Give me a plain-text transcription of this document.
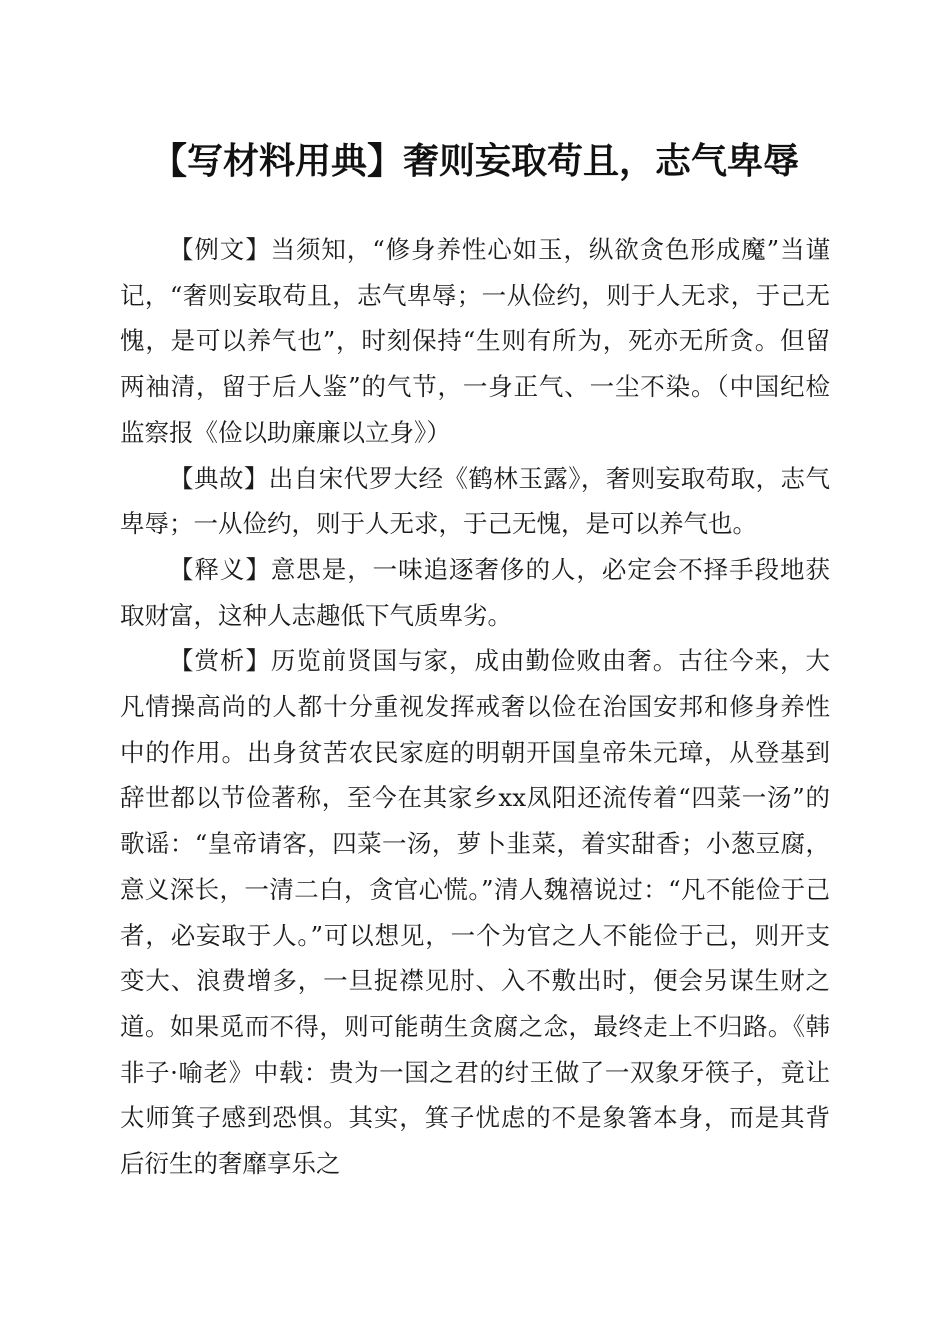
【写材料用典】奢则妄取苟且，志气卑辱

【例文】当须知，“修身养性心如玉，纵欲贪色形成魔”当谨记，“奢则妄取苟且，志气卑辱；一从俭约，则于人无求，于己无愧，是可以养气也”，时刻保持“生则有所为，死亦无所贪。但留两袖清，留于后人鉴”的气节，一身正气、一尘不染。（中国纪检监察报《俭以助廉廉以立身》）

【典故】出自宋代罗大经《鹤林玉露》，奢则妄取苟取，志气卑辱；一从俭约，则于人无求，于己无愧，是可以养气也。

【释义】意思是，一味追逐奢侈的人，必定会不择手段地获取财富，这种人志趣低下气质卑劣。

【赏析】历览前贤国与家，成由勤俭败由奢。古往今来，大凡情操高尚的人都十分重视发挥戒奢以俭在治国安邦和修身养性中的作用。出身贫苦农民家庭的明朝开国皇帝朱元璋，从登基到辞世都以节俭著称，至今在其家乡xx凤阳还流传着“四菜一汤”的歌谣：“皇帝请客，四菜一汤，萝卜韭菜，着实甜香；小葱豆腐，意义深长，一清二白，贪官心慌。”清人魏禧说过：“凡不能俭于己者，必妄取于人。”可以想见，一个为官之人不能俭于己，则开支变大、浪费增多，一旦捉襟见肘、入不敷出时，便会另谋生财之道。如果觅而不得，则可能萌生贪腐之念，最终走上不归路。《韩非子·喻老》中载：贵为一国之君的纣王做了一双象牙筷子，竟让太师箕子感到恐惧。其实，箕子忧虑的不是象箸本身，而是其背后衍生的奢靡享乐之
